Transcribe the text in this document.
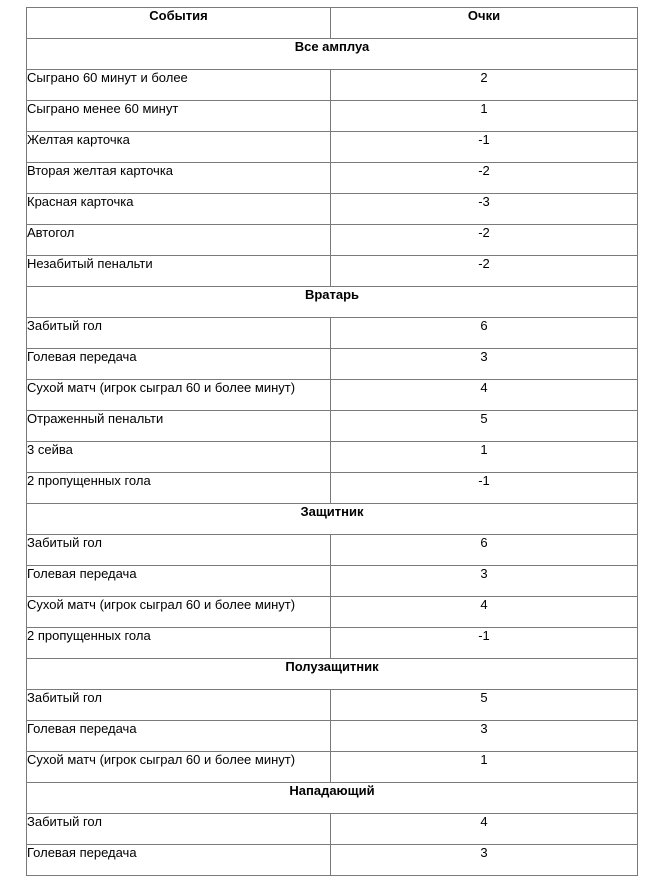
События	Очки
Все амплуа	
Сыграно 60 минут и более	2
Сыграно менее 60 минут	1
Желтая карточка	-1
Вторая желтая карточка	-2
Красная карточка	-3
Автогол	-2
Незабитый пенальти	-2
Вратарь	
Забитый гол	6
Голевая передача	3
Сухой матч (игрок сыграл 60 и более минут)	4
Отраженный пенальти	5
3 сейва	1
2 пропущенных гола	-1
Защитник	
Забитый гол	6
Голевая передача	3
Сухой матч (игрок сыграл 60 и более минут)	4
2 пропущенных гола	-1
Полузащитник	
Забитый гол	5
Голевая передача	3
Сухой матч (игрок сыграл 60 и более минут)	1
Нападающий	
Забитый гол	4
Голевая передача	3
